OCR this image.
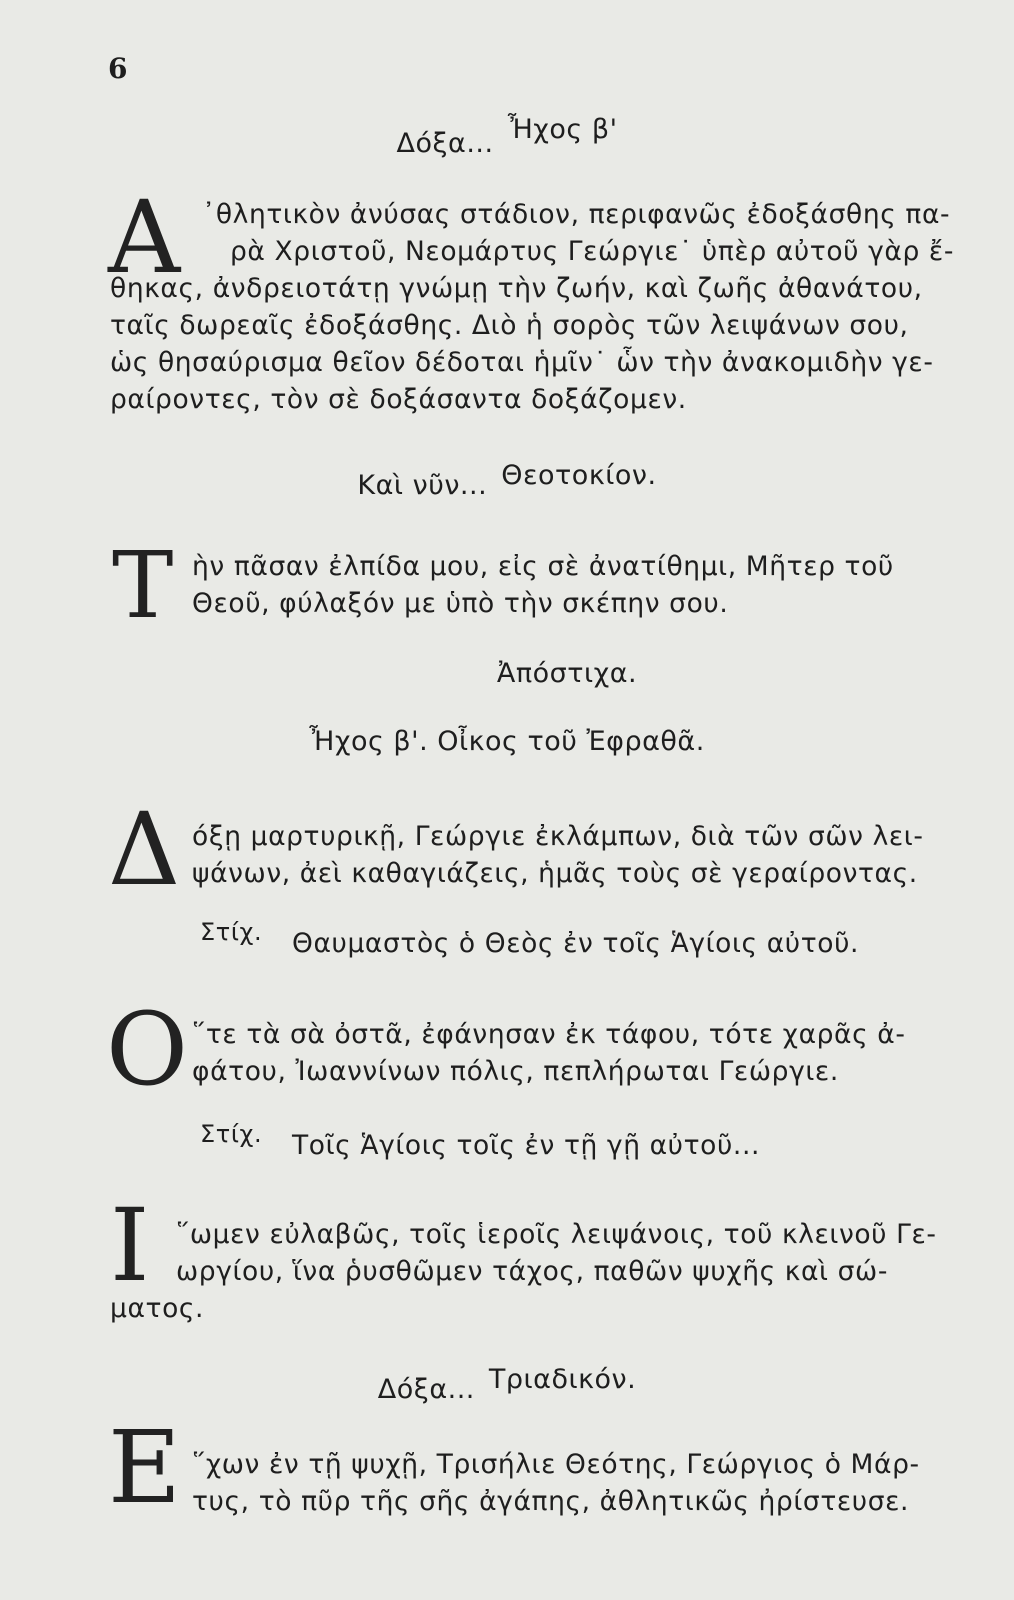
6
Δόξα... Ἦχος β'
Α ᾿θλητικὸν ἀνύσας στάδιον, περιφανῶς ἐδοξάσθης πα-
ρὰ Χριστοῦ, Νεομάρτυς Γεώργιε˙ ὑπὲρ αὐτοῦ γὰρ ἔ-
θηκας, ἀνδρειοτάτῃ γνώμῃ τὴν ζωήν, καὶ ζωῆς ἀθανάτου,
ταῖς δωρεαῖς ἐδοξάσθης. Διὸ ἡ σορὸς τῶν λειψάνων σου,
ὡς θησαύρισμα θεῖον δέδοται ἡμῖν˙ ὧν τὴν ἀνακομιδὴν γε-
ραίροντες, τὸν σὲ δοξάσαντα δοξάζομεν.
Καὶ νῦν... Θεοτοκίον.
Τ ὴν πᾶσαν ἐλπίδα μου, εἰς σὲ ἀνατίθημι, Μῆτερ τοῦ
Θεοῦ, φύλαξόν με ὑπὸ τὴν σκέπην σου.
Ἀπόστιχα.
Ἦχος β'. Οἶκος τοῦ Ἐφραθᾶ.
Δ όξῃ μαρτυρικῇ, Γεώργιε ἐκλάμπων, διὰ τῶν σῶν λει-
ψάνων, ἀεὶ καθαγιάζεις, ἡμᾶς τοὺς σὲ γεραίροντας.
Στίχ. Θαυμαστὸς ὁ Θεὸς ἐν τοῖς Ἁγίοις αὐτοῦ.
Ο ῞τε τὰ σὰ ὀστᾶ, ἐφάνησαν ἐκ τάφου, τότε χαρᾶς ἀ-
φάτου, Ἰωαννίνων πόλις, πεπλήρωται Γεώργιε.
Στίχ. Τοῖς Ἁγίοις τοῖς ἐν τῇ γῇ αὐτοῦ...
Ι ῞ωμεν εὐλαβῶς, τοῖς ἱεροῖς λειψάνοις, τοῦ κλεινοῦ Γε-
ωργίου, ἵνα ῥυσθῶμεν τάχος, παθῶν ψυχῆς καὶ σώ-
ματος.
Δόξα... Τριαδικόν.
Ε ῞χων ἐν τῇ ψυχῇ, Τρισήλιε Θεότης, Γεώργιος ὁ Μάρ-
τυς, τὸ πῦρ τῆς σῆς ἀγάπης, ἀθλητικῶς ἠρίστευσε.
